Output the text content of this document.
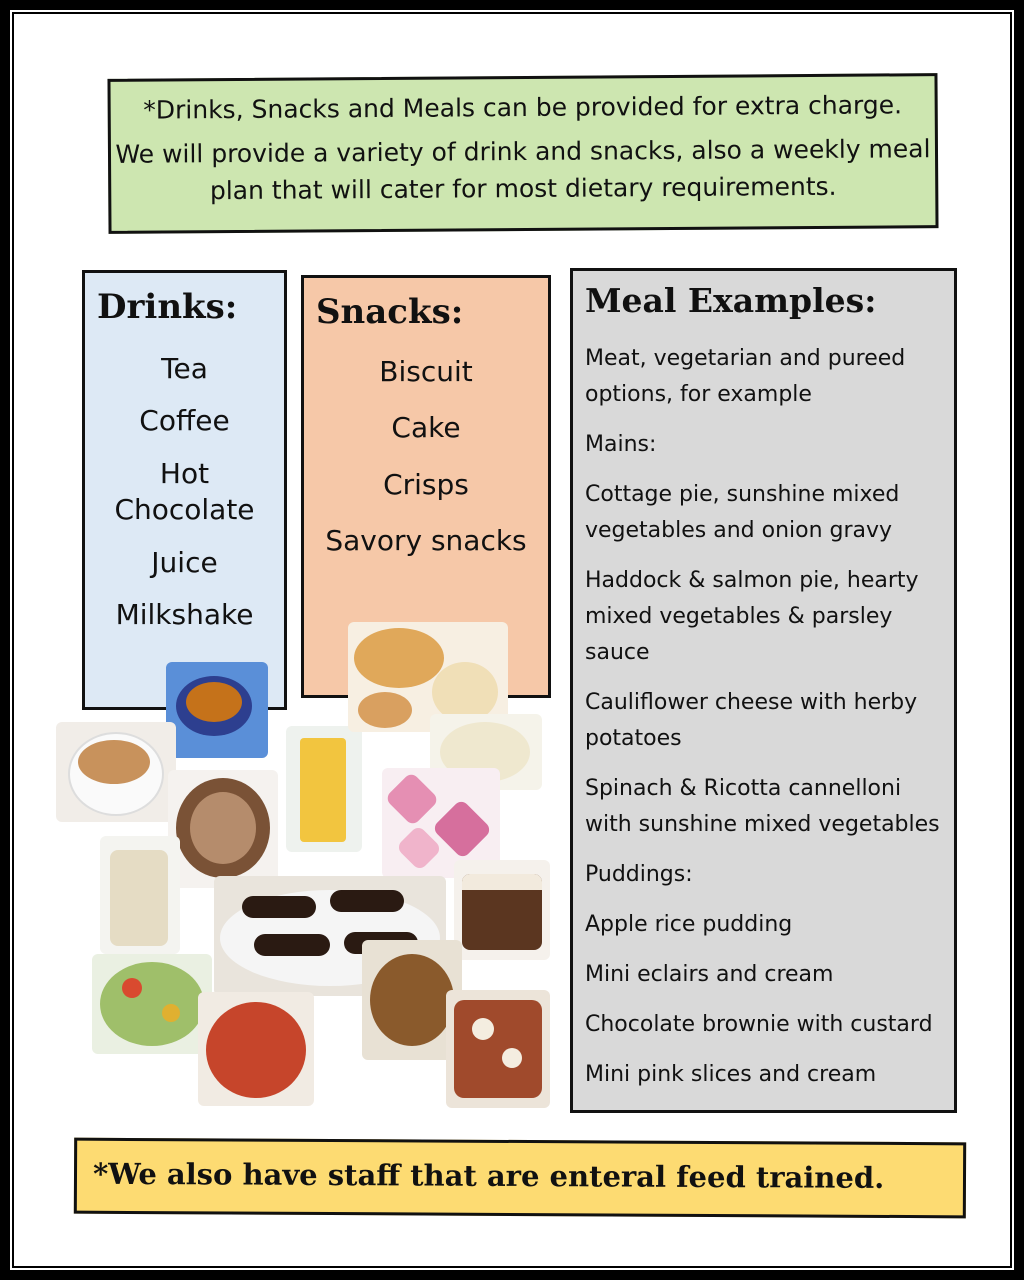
*Drinks, Snacks and Meals can be provided for extra charge.

We will provide a variety of drink and snacks, also a weekly meal plan that will cater for most dietary requirements.

Drinks:
Tea
Coffee
Hot Chocolate
Juice
Milkshake
Snacks:
Biscuit
Cake
Crisps
Savory snacks
Meal Examples:
Meat, vegetarian and pureed options, for example
Mains:
Cottage pie, sunshine mixed vegetables and onion gravy
Haddock & salmon pie, hearty mixed vegetables & parsley sauce
Cauliflower cheese with herby potatoes
Spinach & Ricotta cannelloni with sunshine mixed vegetables
Puddings:
Apple rice pudding
Mini eclairs and cream
Chocolate brownie with custard
Mini pink slices and cream
*We also have staff that are enteral feed trained.
